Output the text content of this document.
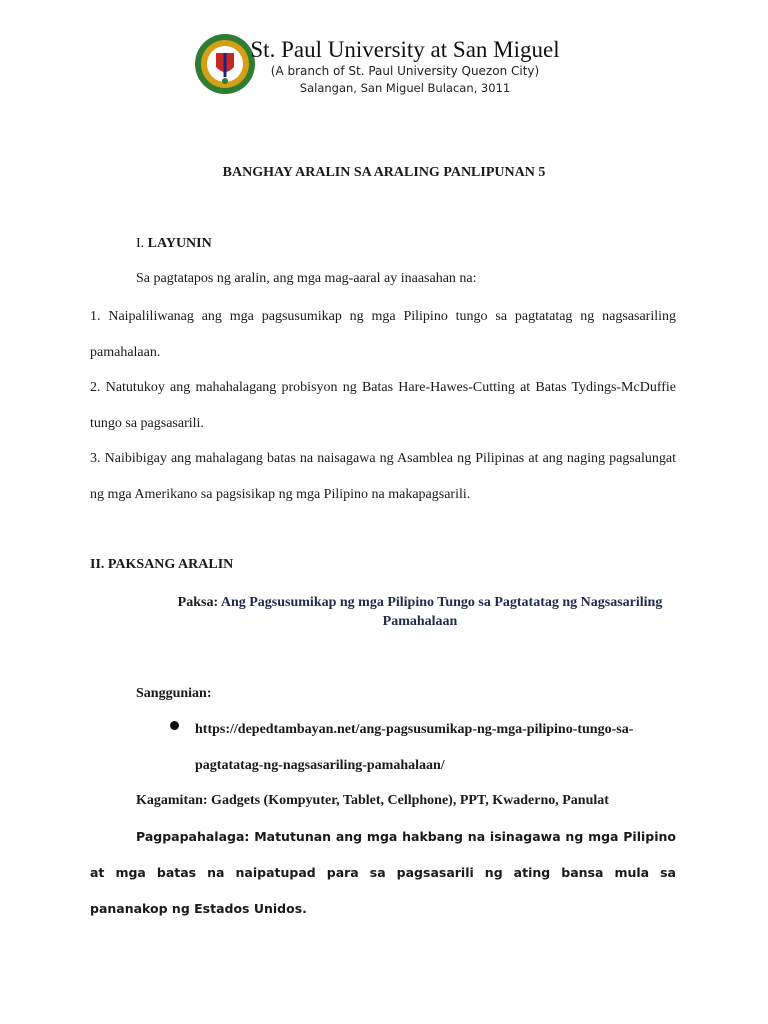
St. Paul University at San Miguel
(A branch of St. Paul University Quezon City)
Salangan, San Miguel Bulacan, 3011
BANGHAY ARALIN SA ARALING PANLIPUNAN 5
I. LAYUNIN
Sa pagtatapos ng aralin, ang mga mag-aaral ay inaasahan na:
1. Naipaliliwanag ang mga pagsusumikap ng mga Pilipino tungo sa pagtatatag ng nagsasariling pamahalaan.
2. Natutukoy ang mahahalagang probisyon ng Batas Hare-Hawes-Cutting at Batas Tydings-McDuffie tungo sa pagsasarili.
3. Naibibigay ang mahalagang batas na naisagawa ng Asamblea ng Pilipinas at ang naging pagsalungat ng mga Amerikano sa pagsisikap ng mga Pilipino na makapagsarili.
II. PAKSANG ARALIN
Paksa: Ang Pagsusumikap ng mga Pilipino Tungo sa Pagtatatag ng Nagsasariling Pamahalaan
Sanggunian:
https://depedtambayan.net/ang-pagsusumikap-ng-mga-pilipino-tungo-sa-
pagtatatag-ng-nagsasariling-pamahalaan/
Kagamitan: Gadgets (Kompyuter, Tablet, Cellphone), PPT, Kwaderno, Panulat
Pagpapahalaga: Matutunan ang mga hakbang na isinagawa ng mga Pilipino at mga batas na naipatupad para sa pagsasarili ng ating bansa mula sa pananakop ng Estados Unidos.
